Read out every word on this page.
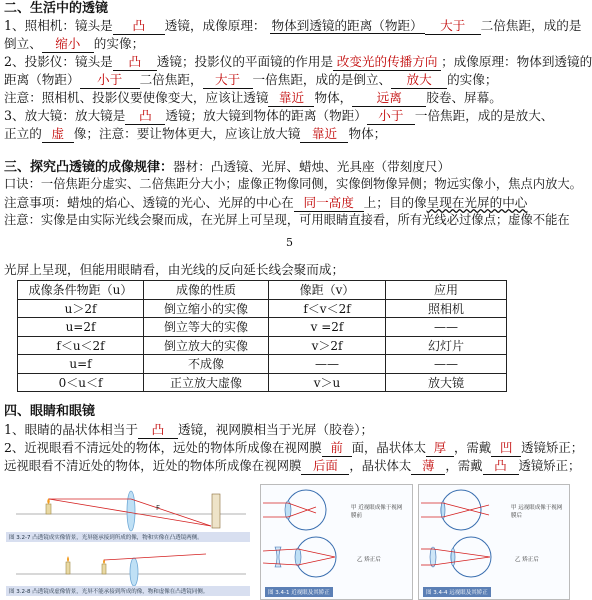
二、生活中的透镜
1、照相机：镜头是 凸 透镜，成像原理： 物体到透镜的距离（物距） 大于 二倍焦距，成的是
倒立、 缩小 的实像；
2、投影仪：镜头是 凸 透镜；投影仪的平面镜的作用是 改变光的传播方向 ；成像原理：物体到透镜的
距离（物距） 小于 二倍焦距， 大于 一倍焦距，成的是倒立、 放大 的实像；
注意：照相机、投影仪要使像变大，应该让透镜 靠近 物体， 远离 胶卷、屏幕。
3、放大镜：放大镜是 凸 透镜；放大镜到物体的距离（物距） 小于 一倍焦距，成的是放大、
正立的 虚 像；注意：要让物体更大，应该让放大镜 靠近 物体；
三、探究凸透镜的成像规律：器材：凸透镜、光屏、蜡烛、光具座（带刻度尺）
口诀：一倍焦距分虚实、二倍焦距分大小；虚像正物像同侧，实像倒物像异侧；物远实像小，焦点内放大。
注意事项：蜡烛的焰心、透镜的光心、光屏的中心在 同一高度 上；目的像呈现在光屏的中心
注意：实像是由实际光线会聚而成，在光屏上可呈现，可用眼睛直接看，所有光线必过像点；虚像不能在
5
光屏上呈现，但能用眼睛看，由光线的反向延长线会聚而成；
成像条件物距（u）	成像的性质	像距（v）	应用
u＞2f	倒立缩小的实像	f＜v＜2f	照相机
u=2f	倒立等大的实像	v =2f	——
f＜u＜2f	倒立放大的实像	v＞2f	幻灯片
u=f	不成像	——	——
0＜u＜f	正立放大虚像	v＞u	放大镜
四、眼睛和眼镜
1、眼睛的晶状体相当于 凸 透镜，视网膜相当于光屏（胶卷）；
2、近视眼看不清远处的物体，远处的物体所成像在视网膜 前 面，晶状体太 厚 ，需戴 凹 透镜矫正；
远视眼看不清近处的物体，近处的物体所成像在视网膜 后面 ，晶状体太 薄 ，需戴 凸 透镜矫正；
F
图 3.2-7 凸透镜成实像情景，光屏能承接到所成的像，物和实像在凸透镜两侧。
图 3.2-8 凸透镜成虚像情景，光屏不能承接到所成的像，物和虚像在凸透镜同侧。
甲 近视眼成像于视网膜前
乙 矫正后
图 3.4-1 近视眼及其矫正
甲 远视眼成像于视网膜后
乙 矫正后
图 3.4-4 远视眼及其矫正
